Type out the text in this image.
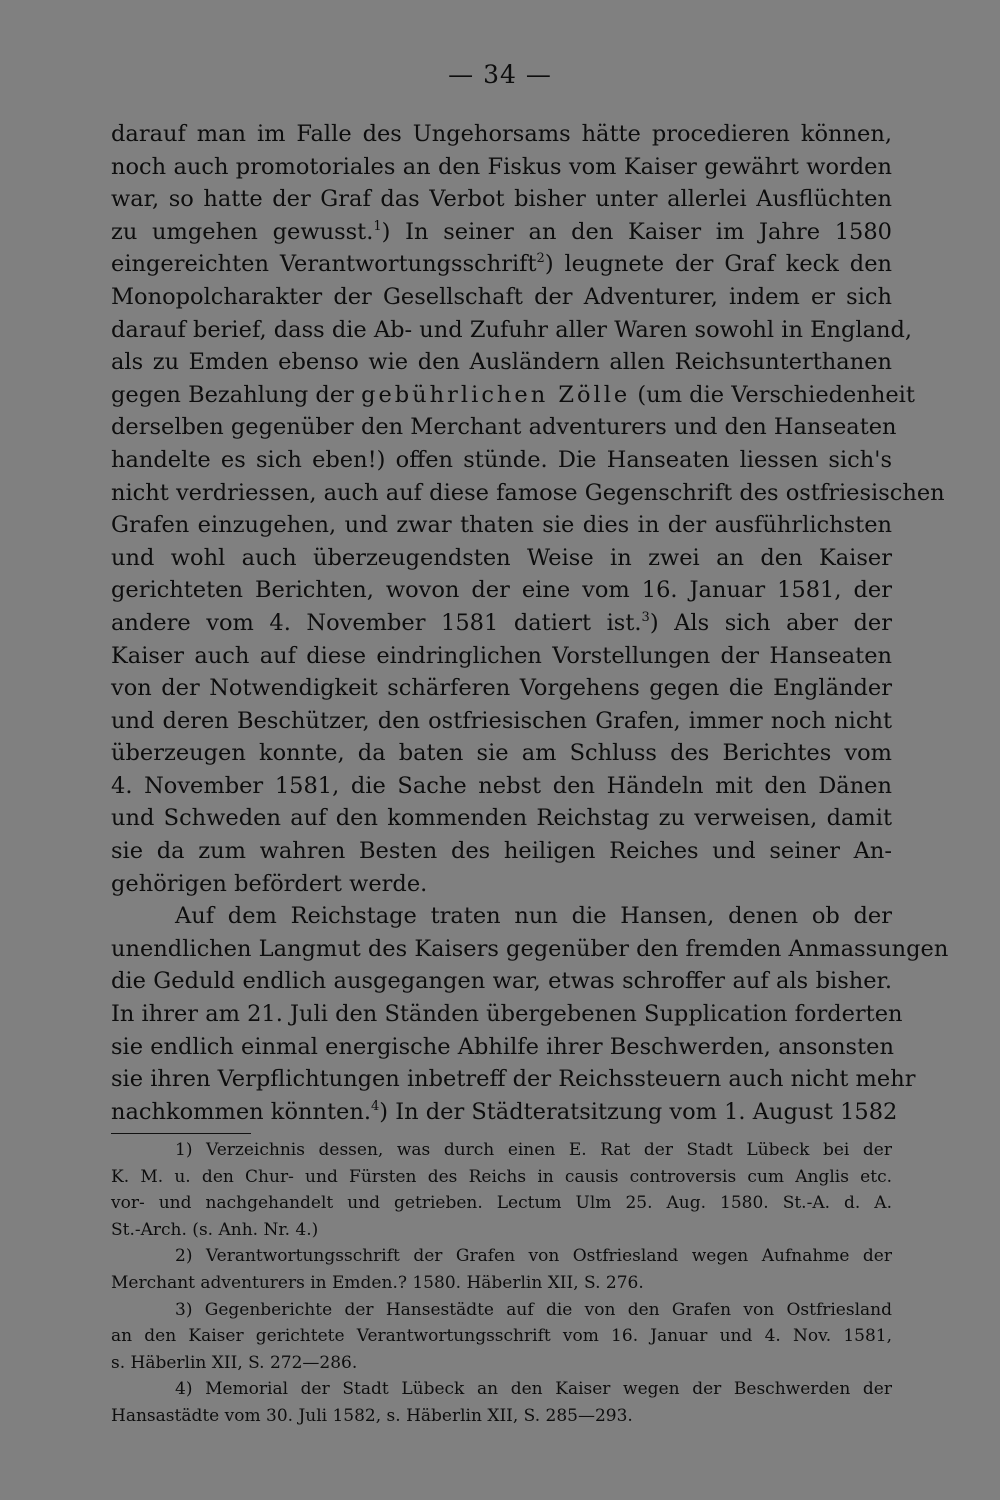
— 34 —
darauf man im Falle des Ungehorsams hätte procedieren können,
noch auch promotoriales an den Fiskus vom Kaiser gewährt worden
war, so hatte der Graf das Verbot bisher unter allerlei Ausflüchten
zu umgehen gewusst.$^1$) In seiner an den Kaiser im Jahre 1580
eingereichten Verantwortungsschrift$^2$) leugnete der Graf keck den
Monopolcharakter der Gesellschaft der Adventurer, indem er sich
darauf berief, dass die Ab- und Zufuhr aller Waren sowohl in England,
als zu Emden ebenso wie den Ausländern allen Reichsunterthanen
gegen Bezahlung der gebührlichen Zölle (um die Verschiedenheit
derselben gegenüber den Merchant adventurers und den Hanseaten
handelte es sich eben!) offen stünde. Die Hanseaten liessen sich's
nicht verdriessen, auch auf diese famose Gegenschrift des ostfriesischen
Grafen einzugehen, und zwar thaten sie dies in der ausführlichsten
und wohl auch überzeugendsten Weise in zwei an den Kaiser
gerichteten Berichten, wovon der eine vom 16. Januar 1581, der
andere vom 4. November 1581 datiert ist.$^3$) Als sich aber der
Kaiser auch auf diese eindringlichen Vorstellungen der Hanseaten
von der Notwendigkeit schärferen Vorgehens gegen die Engländer
und deren Beschützer, den ostfriesischen Grafen, immer noch nicht
überzeugen konnte, da baten sie am Schluss des Berichtes vom
4. November 1581, die Sache nebst den Händeln mit den Dänen
und Schweden auf den kommenden Reichstag zu verweisen, damit
sie da zum wahren Besten des heiligen Reiches und seiner An-
gehörigen befördert werde.
Auf dem Reichstage traten nun die Hansen, denen ob der
unendlichen Langmut des Kaisers gegenüber den fremden Anmassungen
die Geduld endlich ausgegangen war, etwas schroffer auf als bisher.
In ihrer am 21. Juli den Ständen übergebenen Supplication forderten
sie endlich einmal energische Abhilfe ihrer Beschwerden, ansonsten
sie ihren Verpflichtungen inbetreff der Reichssteuern auch nicht mehr
nachkommen könnten.$^4$) In der Städteratsitzung vom 1. August 1582
1) Verzeichnis dessen, was durch einen E. Rat der Stadt Lübeck bei der
K. M. u. den Chur- und Fürsten des Reichs in causis controversis cum Anglis etc.
vor- und nachgehandelt und getrieben. Lectum Ulm 25. Aug. 1580. St.-A. d. A.
St.-Arch. (s. Anh. Nr. 4.)
2) Verantwortungsschrift der Grafen von Ostfriesland wegen Aufnahme der
Merchant adventurers in Emden.? 1580. Häberlin XII, S. 276.
3) Gegenberichte der Hansestädte auf die von den Grafen von Ostfriesland
an den Kaiser gerichtete Verantwortungsschrift vom 16. Januar und 4. Nov. 1581,
s. Häberlin XII, S. 272—286.
4) Memorial der Stadt Lübeck an den Kaiser wegen der Beschwerden der
Hansastädte vom 30. Juli 1582, s. Häberlin XII, S. 285—293.
